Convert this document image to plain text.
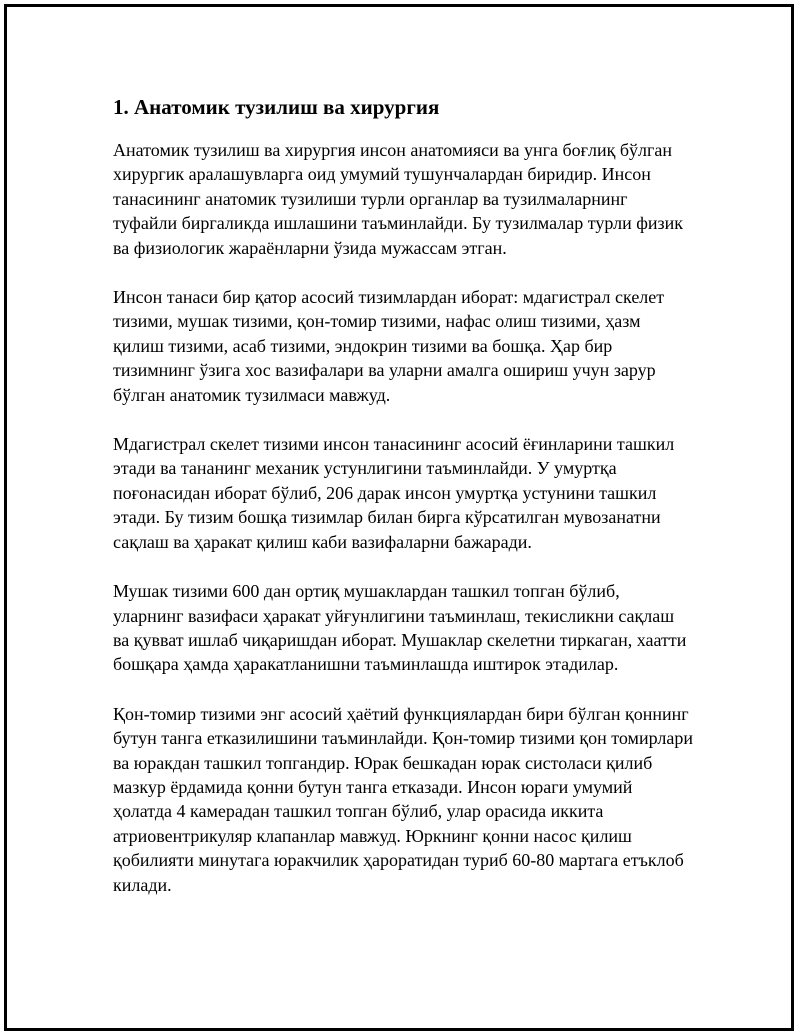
1. Анатомик тузилиш ва хирургия

Анатомик тузилиш ва хирургия инсон анатомияси ва унга боғлиқ бўлган хирургик аралашувларга оид умумий тушунчалардан биридир. Инсон танасининг анатомик тузилиши турли органлар ва тузилмаларнинг туфайли биргаликда ишлашини таъминлайди. Бу тузилмалар турли физик ва физиологик жараёнларни ўзида мужассам этган.

Инсон танаси бир қатор асосий тизимлардан иборат: мдагистрал скелет тизими, мушак тизими, қон-томир тизими, нафас олиш тизими, ҳазм қилиш тизими, асаб тизими, эндокрин тизими ва бошқа. Ҳар бир тизимнинг ўзига хос вазифалари ва уларни амалга ошириш учун зарур бўлган анатомик тузилмаси мавжуд.

Мдагистрал скелет тизими инсон танасининг асосий ёғинларини ташкил этади ва тананинг механик устунлигини таъминлайди. У умуртқа поғонасидан иборат бўлиб, 206 дарак инсон умуртқа устунини ташкил этади. Бу тизим бошқа тизимлар билан бирга кўрсатилган мувозанатни сақлаш ва ҳаракат қилиш каби вазифаларни бажаради.

Мушак тизими 600 дан ортиқ мушаклардан ташкил топган бўлиб, уларнинг вазифаси ҳаракат уйғунлигини таъминлаш, текисликни сақлаш ва қувват ишлаб чиқаришдан иборат. Мушаклар скелетни тиркаган, хаатти бошқара ҳамда ҳаракатланишни таъминлашда иштирок этадилар.

Қон-томир тизими энг асосий ҳаётий функциялардан бири бўлган қоннинг бутун танга етказилишини таъминлайди. Қон-томир тизими қон томирлари ва юракдан ташкил топгандир. Юрак бешкадан юрак систоласи қилиб мазкур ёрдамида қонни бутун танга етказади. Инсон юраги умумий ҳолатда 4 камерадан ташкил топган бўлиб, улар орасида иккита атриовентрикуляр клапанлар мавжуд. Юркнинг қонни насос қилиш қобилияти минутага юракчилик ҳароратидан туриб 60-80 мартага етъклоб килади.
